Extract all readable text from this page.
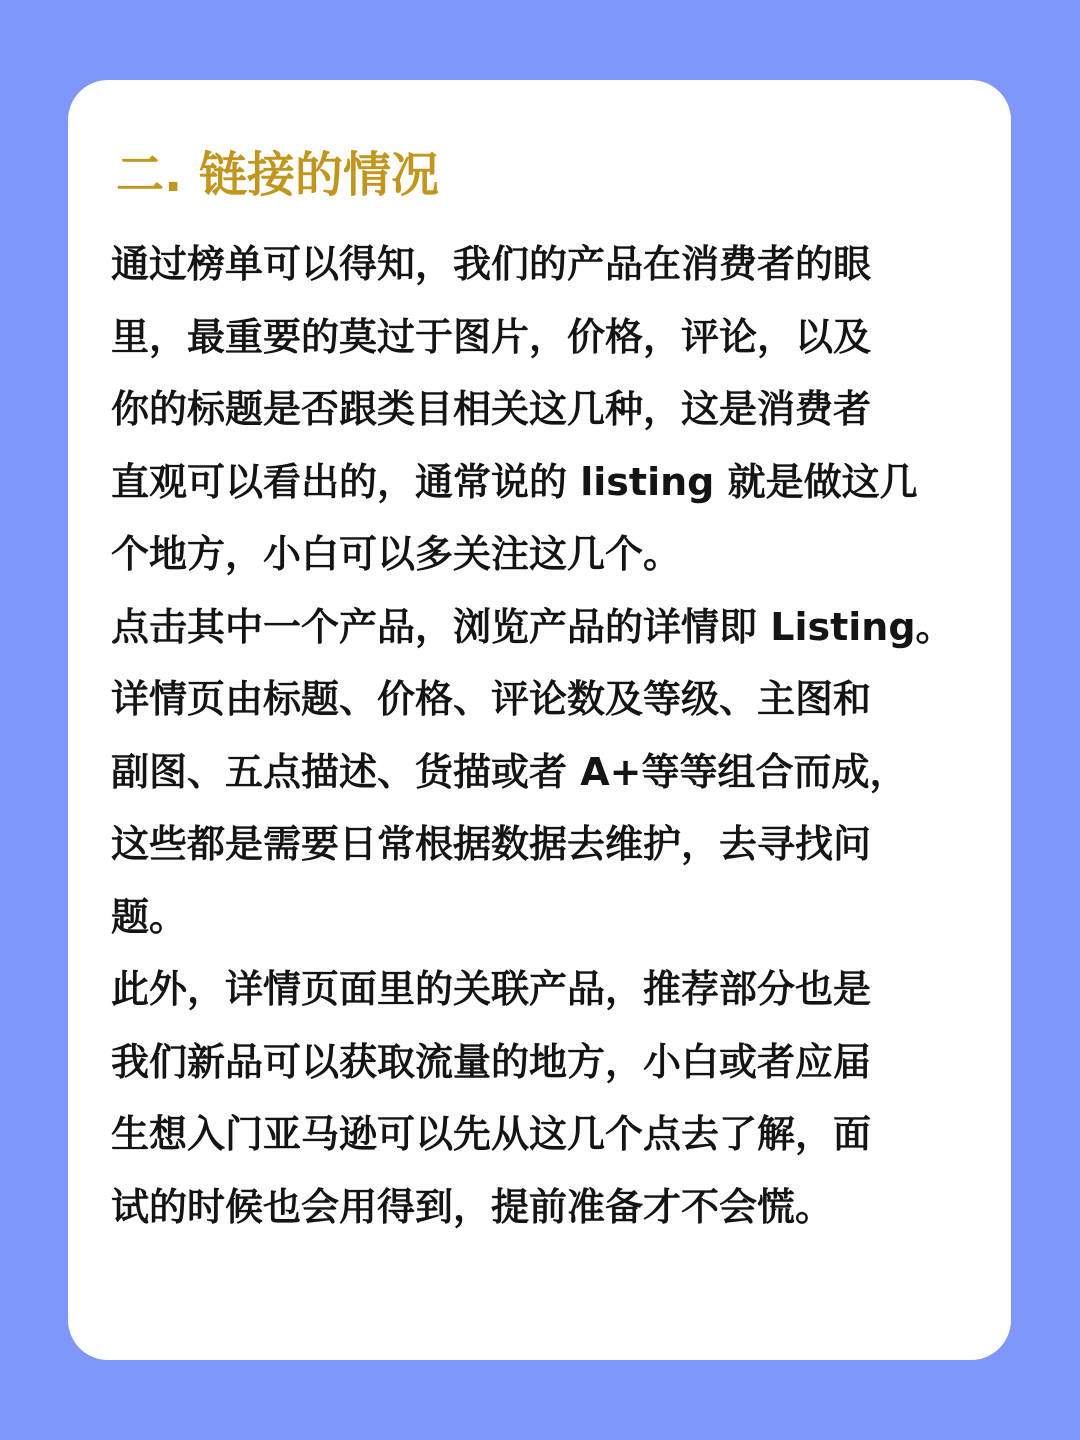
二. 链接的情况
通过榜单可以得知，我们的产品在消费者的眼
里，最重要的莫过于图片，价格，评论，以及
你的标题是否跟类目相关这几种，这是消费者
直观可以看出的，通常说的 listing 就是做这几
个地方，小白可以多关注这几个。
点击其中一个产品，浏览产品的详情即 Listing。
详情页由标题、价格、评论数及等级、主图和
副图、五点描述、货描或者 A+等等组合而成，
这些都是需要日常根据数据去维护，去寻找问
题。
此外，详情页面里的关联产品，推荐部分也是
我们新品可以获取流量的地方，小白或者应届
生想入门亚马逊可以先从这几个点去了解，面
试的时候也会用得到，提前准备才不会慌。
